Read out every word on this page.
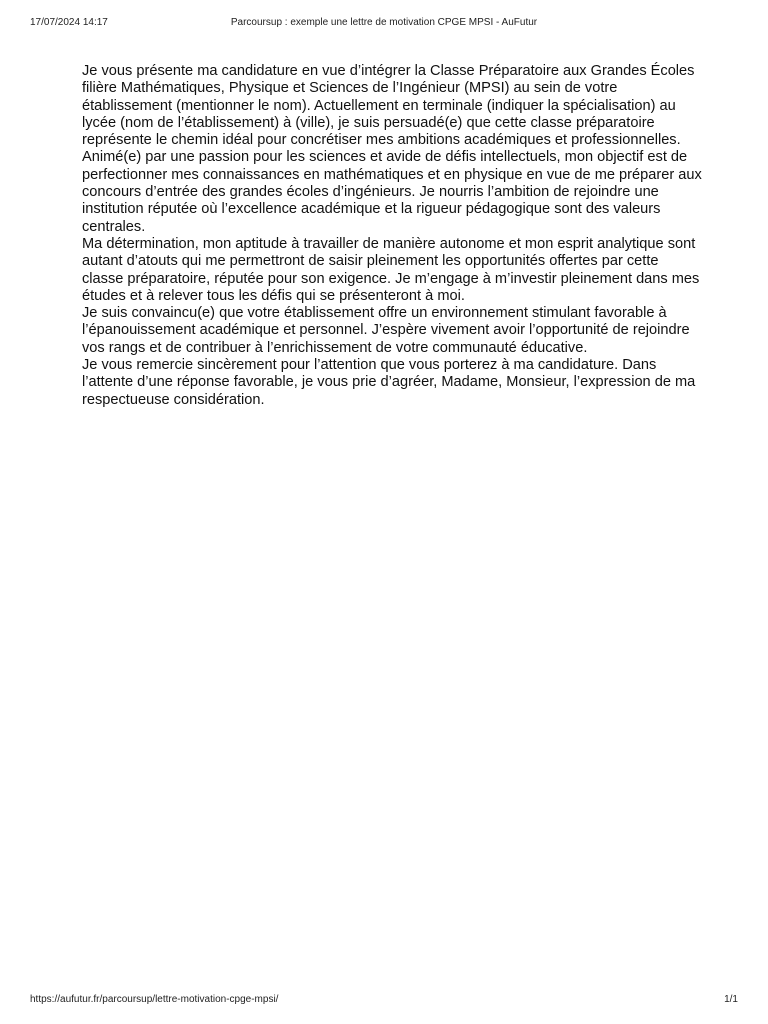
17/07/2024 14:17	Parcoursup : exemple une lettre de motivation CPGE MPSI - AuFutur

Je vous présente ma candidature en vue d’intégrer la Classe Préparatoire aux Grandes Écoles filière Mathématiques, Physique et Sciences de l’Ingénieur (MPSI) au sein de votre établissement (mentionner le nom). Actuellement en terminale (indiquer la spécialisation) au lycée (nom de l’établissement) à (ville), je suis persuadé(e) que cette classe préparatoire représente le chemin idéal pour concrétiser mes ambitions académiques et professionnelles.

Animé(e) par une passion pour les sciences et avide de défis intellectuels, mon objectif est de perfectionner mes connaissances en mathématiques et en physique en vue de me préparer aux concours d’entrée des grandes écoles d’ingénieurs. Je nourris l’ambition de rejoindre une institution réputée où l’excellence académique et la rigueur pédagogique sont des valeurs centrales.

Ma détermination, mon aptitude à travailler de manière autonome et mon esprit analytique sont autant d’atouts qui me permettront de saisir pleinement les opportunités offertes par cette classe préparatoire, réputée pour son exigence. Je m’engage à m’investir pleinement dans mes études et à relever tous les défis qui se présenteront à moi.

Je suis convaincu(e) que votre établissement offre un environnement stimulant favorable à l’épanouissement académique et personnel. J’espère vivement avoir l’opportunité de rejoindre vos rangs et de contribuer à l’enrichissement de votre communauté éducative.

Je vous remercie sincèrement pour l’attention que vous porterez à ma candidature. Dans l’attente d’une réponse favorable, je vous prie d’agréer, Madame, Monsieur, l’expression de ma respectueuse considération.

https://aufutur.fr/parcoursup/lettre-motivation-cpge-mpsi/	1/1
